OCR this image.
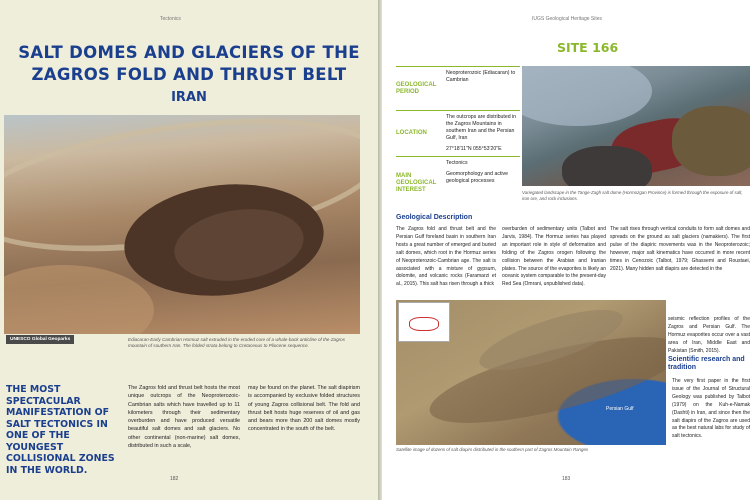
Tectonics
SALT DOMES AND GLACIERS OF THE ZAGROS FOLD AND THRUST BELT
IRAN
UNESCO Global Geoparks	Ediacaran-Early Cambrian Hormuz salt extruded in the eroded core of a whale-back anticline of the Zagros mountain of southern Iran. The folded strata belong to Cretaceous to Pliocene sequence.
THE MOST SPECTACULAR MANIFESTATION OF SALT TECTONICS IN ONE OF THE YOUNGEST COLLISIONAL ZONES IN THE WORLD.
The Zagros fold and thrust belt hosts the most unique outcrops of the Neoproterozoic-Cambrian salts which have travelled up to 11 kilometers through their sedimentary overburden and have produced versatile beautiful salt domes and salt glaciers. No other continental (non-marine) salt domes, distributed in such a scale,
may be found on the planet. The salt diapirism is accompanied by exclusive folded structures of young Zagros collisional belt. The fold and thrust belt hosts huge reserves of oil and gas and bears more than 200 salt domes mostly concentrated in the south of the belt.
182
IUGS Geological Heritage Sites
SITE 166
GEOLOGICAL PERIOD

Neoproterozoic (Ediacaran) to Cambrian

LOCATION

The outcrops are distributed in the Zagros Mountains in southern Iran and the Persian Gulf, Iran

27°18'11"N 055°53'20"E

MAIN GEOLOGICAL INTEREST

Tectonics

Geomorphology and active geological processes

Variegated landscape in the Tange-Zagh salt dome (Hormozgan Province) is formed through the exposure of salt, iron ore, and rock inclusions.
Geological Description
The Zagros fold and thrust belt and the Persian Gulf foreland basin in southern Iran hosts a great number of emerged and buried salt domes, which root in the Hormuz series of Neoproterozoic-Cambrian age. The salt is associated with a mixture of gypsum, dolomite, and volcanic rocks (Faramarzi et al., 2015). This salt has risen through a thick
overburden of sedimentary units (Talbot and Jarvis, 1984). The Hormuz series has played an important role in style of deformation and folding of the Zagros orogen following the collision between the Arabian and Iranian plates. The source of the evaporites is likely an oceanic system comparable to the present-day Red Sea (Omrani, unpublished data).
The salt rises through vertical conduits to form salt domes and spreads on the ground as salt glaciers (namakiers). The first pulse of the diapiric movements was in the Neoproterozoic; however, major salt kinematics have occurred in more recent times in Cenozoic (Talbot, 1979; Ghassemi and Roustaei, 2021). Many hidden salt diapirs are detected in the
Persian Gulf
Satellite image of dozens of salt diapirs distributed in the southern part of Zagros Mountain Ranges
seismic reflection profiles of the Zagros and Persian Gulf. The Hormuz evaporites occur over a vast area of Iran, Middle East and Pakistan (Smith, 2015).
Scientific research and tradition
The very first paper in the first issue of the Journal of Structural Geology was published by Talbot (1979) on the Kuh-e-Namak (Dashti) in Iran, and since then the salt diapirs of the Zagros are used as the best natural labs for study of salt tectonics.
183
